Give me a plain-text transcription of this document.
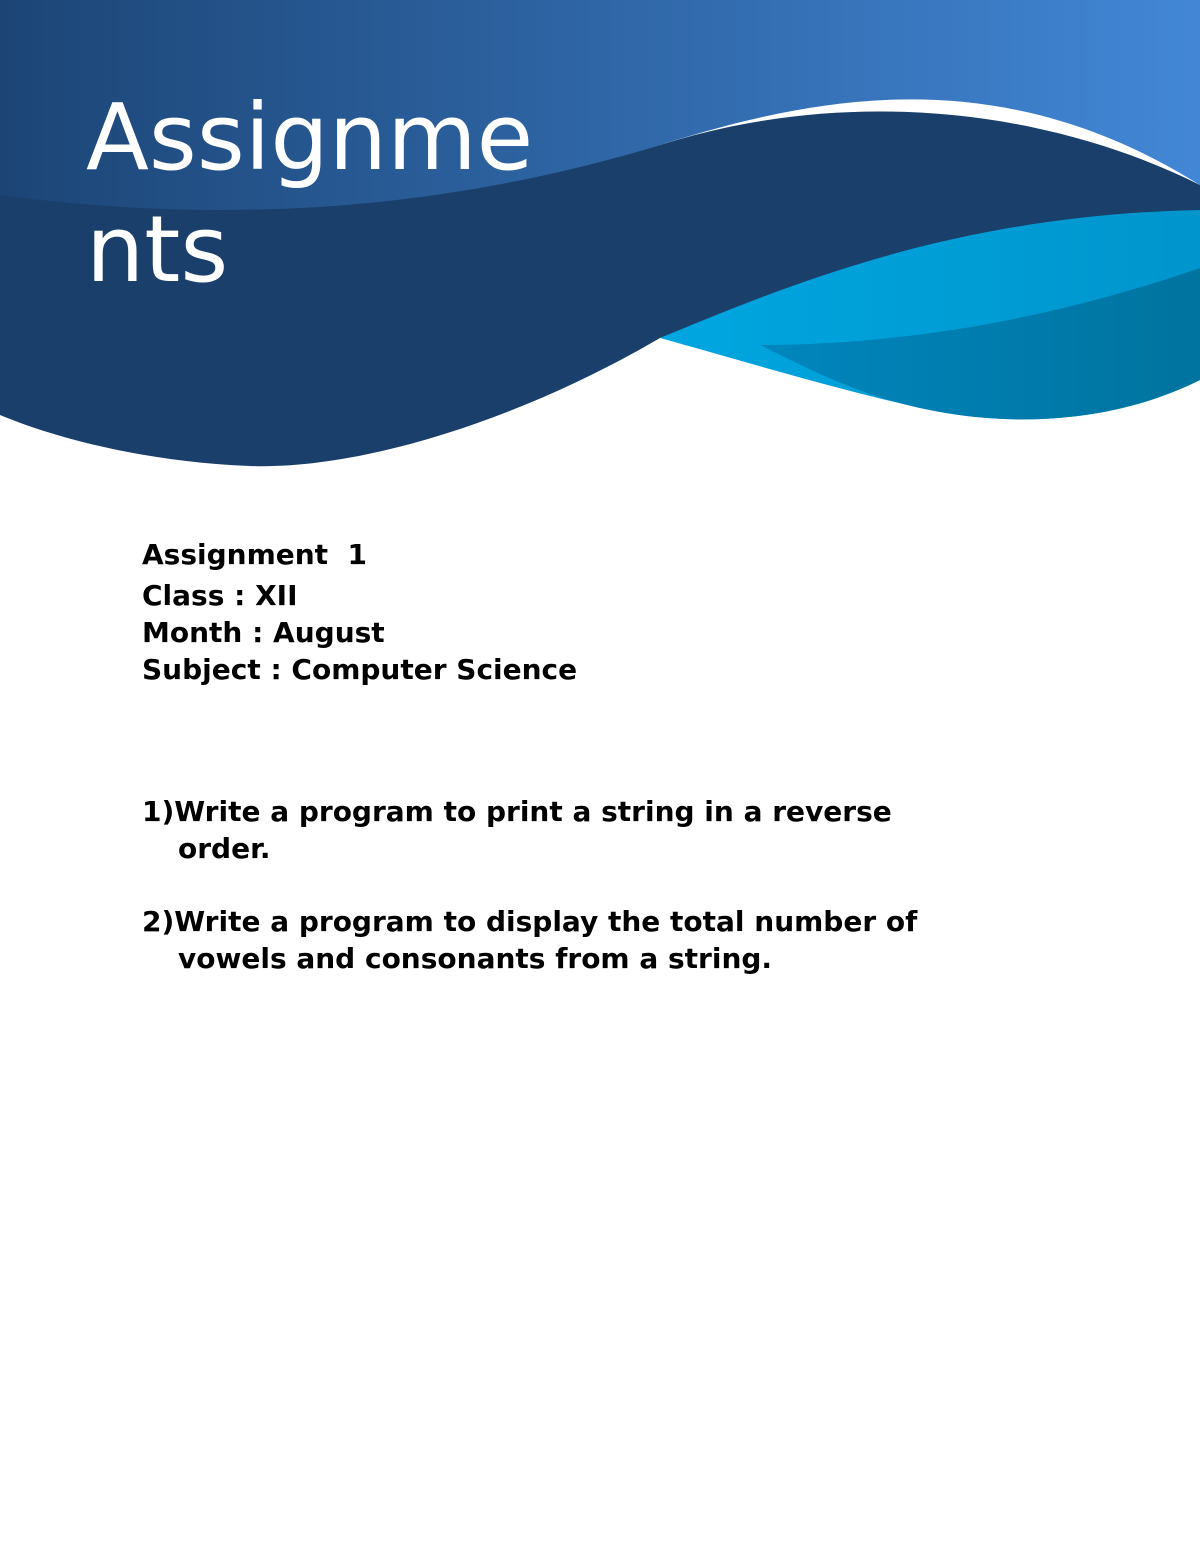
Assignme
nts
Assignment  1
Class : XII
Month : August
Subject : Computer Science
1)Write a program to print a string in a reverse
order.
2)Write a program to display the total number of
vowels and consonants from a string.
